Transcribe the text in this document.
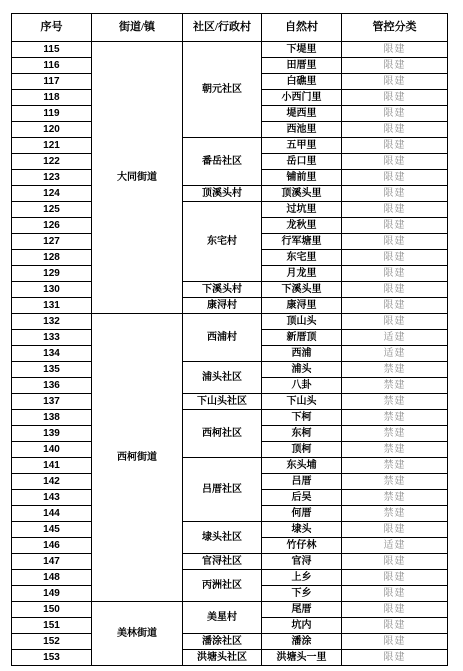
序号	街道/镇	社区/行政村	自然村	管控分类
115	大同街道	朝元社区	下堤里	限建
116			田厝里	限建
117			白礁里	限建
118			小西门里	限建
119			堤西里	限建
120			西池里	限建
121		番岳社区	五甲里	限建
122			岳口里	限建
123			铺前里	限建
124		顶溪头村	顶溪头里	限建
125		东宅村	过坑里	限建
126			龙秋里	限建
127			行军塘里	限建
128			东宅里	限建
129			月龙里	限建
130		下溪头村	下溪头里	限建
131		康浔村	康浔里	限建
132	西柯街道	西浦村	顶山头	限建
133			新厝顶	适建
134			西浦	适建
135		浦头社区	浦头	禁建
136			八卦	禁建
137		下山头社区	下山头	禁建
138		西柯社区	下柯	禁建
139			东柯	禁建
140			顶柯	禁建
141		吕厝社区	东头埔	禁建
142			吕厝	禁建
143			后吴	禁建
144			何厝	禁建
145		埭头社区	埭头	限建
146			竹仔林	适建
147		官浔社区	官浔	限建
148		丙洲社区	上乡	限建
149			下乡	限建
150	美林街道	美星村	尾厝	限建
151			坑内	限建
152		潘涂社区	潘涂	限建
153		洪塘头社区	洪塘头一里	限建
